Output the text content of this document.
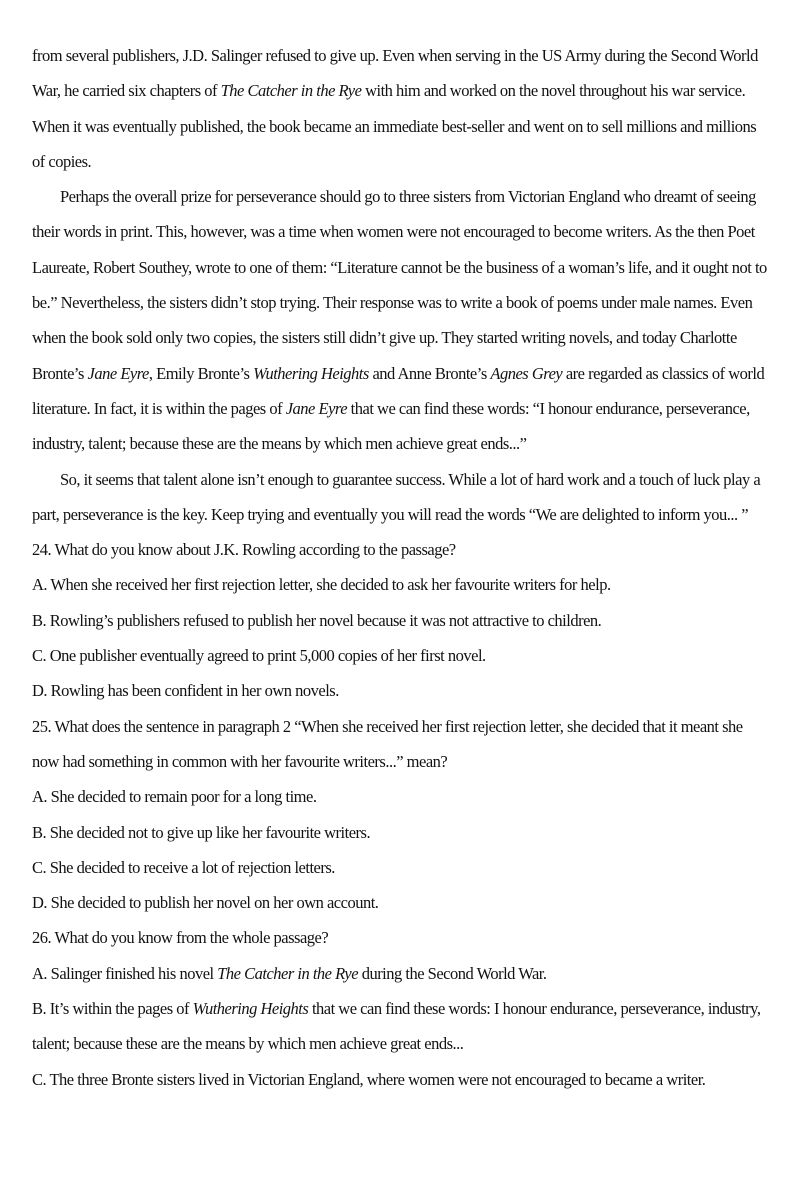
from several publishers, J.D. Salinger refused to give up. Even when serving in the US Army during the Second World War, he carried six chapters of The Catcher in the Rye with him and worked on the novel throughout his war service. When it was eventually published, the book became an immediate best-seller and went on to sell millions and millions of copies.

Perhaps the overall prize for perseverance should go to three sisters from Victorian England who dreamt of seeing their words in print. This, however, was a time when women were not encouraged to become writers. As the then Poet Laureate, Robert Southey, wrote to one of them: “Literature cannot be the business of a woman’s life, and it ought not to be.” Nevertheless, the sisters didn’t stop trying. Their response was to write a book of poems under male names. Even when the book sold only two copies, the sisters still didn’t give up. They started writing novels, and today Charlotte Bronte’s Jane Eyre, Emily Bronte’s Wuthering Heights and Anne Bronte’s Agnes Grey are regarded as classics of world literature. In fact, it is within the pages of Jane Eyre that we can find these words: “I honour endurance, perseverance, industry, talent; because these are the means by which men achieve great ends...”

So, it seems that talent alone isn’t enough to guarantee success. While a lot of hard work and a touch of luck play a part, perseverance is the key. Keep trying and eventually you will read the words “We are delighted to inform you... ”

24. What do you know about J.K. Rowling according to the passage?

A. When she received her first rejection letter, she decided to ask her favourite writers for help.

B. Rowling’s publishers refused to publish her novel because it was not attractive to children.

C. One publisher eventually agreed to print 5,000 copies of her first novel.

D. Rowling has been confident in her own novels.

25. What does the sentence in paragraph 2 “When she received her first rejection letter, she decided that it meant she now had something in common with her favourite writers...” mean?

A. She decided to remain poor for a long time.

B. She decided not to give up like her favourite writers.

C. She decided to receive a lot of rejection letters.

D. She decided to publish her novel on her own account.

26. What do you know from the whole passage?

A. Salinger finished his novel The Catcher in the Rye during the Second World War.

B. It’s within the pages of Wuthering Heights that we can find these words: I honour endurance, perseverance, industry, talent; because these are the means by which men achieve great ends...

C. The three Bronte sisters lived in Victorian England, where women were not encouraged to became a writer.
